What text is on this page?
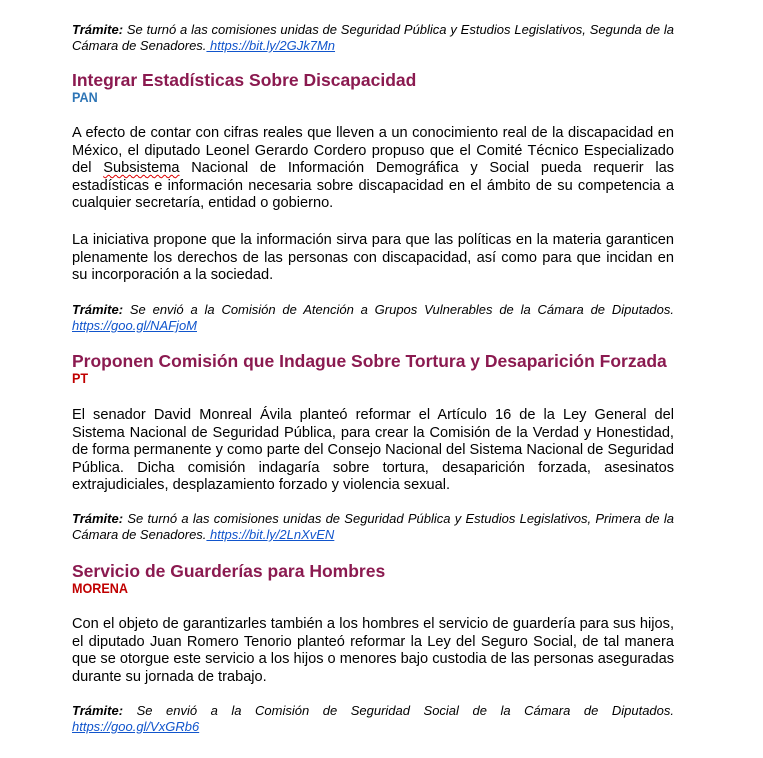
Trámite: Se turnó a las comisiones unidas de Seguridad Pública y Estudios Legislativos, Segunda de la Cámara de Senadores. https://bit.ly/2GJk7Mn
Integrar Estadísticas Sobre Discapacidad
PAN
A efecto de contar con cifras reales que lleven a un conocimiento real de la discapacidad en México, el diputado Leonel Gerardo Cordero propuso que el Comité Técnico Especializado del Subsistema Nacional de Información Demográfica y Social pueda requerir las estadísticas e información necesaria sobre discapacidad en el ámbito de su competencia a cualquier secretaría, entidad o gobierno.
La iniciativa propone que la información sirva para que las políticas en la materia garanticen plenamente los derechos de las personas con discapacidad, así como para que incidan en su incorporación a la sociedad.
Trámite: Se envió a la Comisión de Atención a Grupos Vulnerables de la Cámara de Diputados. https://goo.gl/NAFjoM
Proponen Comisión que Indague Sobre Tortura y Desaparición Forzada
PT
El senador David Monreal Ávila planteó reformar el Artículo 16 de la Ley General del Sistema Nacional de Seguridad Pública, para crear la Comisión de la Verdad y Honestidad, de forma permanente y como parte del Consejo Nacional del Sistema Nacional de Seguridad Pública. Dicha comisión indagaría sobre tortura, desaparición forzada, asesinatos extrajudiciales, desplazamiento forzado y violencia sexual.
Trámite: Se turnó a las comisiones unidas de Seguridad Pública y Estudios Legislativos, Primera de la Cámara de Senadores. https://bit.ly/2LnXvEN
Servicio de Guarderías para Hombres
MORENA
Con el objeto de garantizarles también a los hombres el servicio de guardería para sus hijos, el diputado Juan Romero Tenorio planteó reformar la Ley del Seguro Social, de tal manera que se otorgue este servicio a los hijos o menores bajo custodia de las personas aseguradas durante su jornada de trabajo.
Trámite: Se envió a la Comisión de Seguridad Social de la Cámara de Diputados. https://goo.gl/VxGRb6
